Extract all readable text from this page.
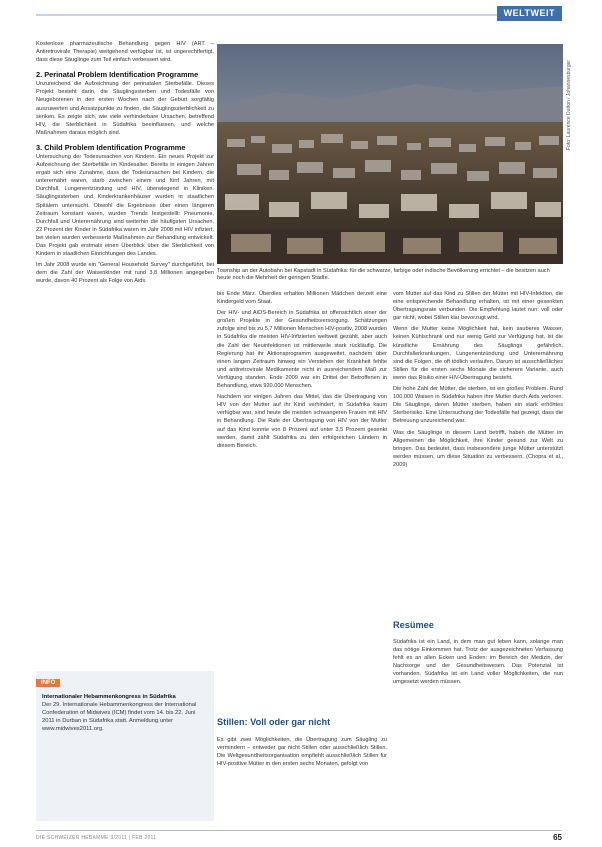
WELTWEIT
Foto: Laurence Dutton / Johannesburger
Township an der Autobahn bei Kapstadt in Südafrika: für die schwarze, farbige oder indische Bevölkerung errichtet – die besitzen auch heute noch die Mehrheit der geringen Städte.

Kostenlose pharmazeutische Behandlung gegen HIV (ART – Antiretrovirale Therapie) weitgehend verfügbar ist, ist ungerechtfertigt, dass diese Säuglinge zum Teil einfach verbessert wird.

2. Perinatal Problem Identification Programme

Unzureichend die Aufzeichnung der perinatalen Sterbefälle. Dieses Projekt besteht darin, die Säuglingssterben und Todesfälle von Neugeborenen in den ersten Wochen nach der Geburt sorgfältig auszuwerten und Ansatzpunkte zu finden, die Säuglingssterblichkeit zu senken. Es zeigte sich, wie viele verhinderbare Ursachen, betreffend HIV, die Sterblichkeit in Südafrika beeinflussen, und welche Maßnahmen daraus möglich sind.

3. Child Problem Identification Programme

Untersuchung der Todesursachen von Kindern. Ein neues Projekt zur Aufzeichnung der Sterbefälle im Kindesalter. Bereits in einigen Jahren ergab sich eine Zunahme, dass die Todesursachen bei Kindern, die unterernährt waren, starb zwischen einem und fünf Jahren, mit Durchfall, Lungenentzündung und HIV, überwiegend in Kliniken. Säuglingssterben und Kinderkrankenhäuser wurden in staatlichen Spitälern untersucht. Obwohl die Ergebnisse über einen längeren Zeitraum konstant waren, wurden Trends festgestellt: Pneumonie, Durchfall und Unterernährung sind weiterhin die häufigsten Ursachen. 22 Prozent der Kinder in Südafrika waren im Jahr 2008 mit HIV infiziert, bei vielen wurden verbesserte Maßnahmen zur Behandlung entwickelt. Das Projekt gab erstmals einen Überblick über die Sterblichkeit von Kindern in staatlichen Einrichtungen des Landes.

Im Jahr 2008 wurde ein "General Household Survey" durchgeführt, bei dem die Zahl der Waisenkinder mit rund 3,8 Millionen angegeben wurde, davon 40 Prozent als Folge von Aids.

INFO
Internationaler Hebammenkongress in Südafrika
Der 29. Internationale Hebammenkongress der International Confederation of Midwives (ICM) findet vom 14. bis 22. Juni 2011 in Durban in Südafrika statt. Anmeldung unter www.midwives2011.org.

bis Ende März. Überdies erhalten Millionen Mädchen derzeit eine Kindergeld vom Staat.

Der HIV- und AIDS-Bereich in Südafrika ist offensichtlich einer der großen Projekte in der Gesundheitsversorgung. Schätzungen zufolge sind bis zu 5,7 Millionen Menschen HIV-positiv, 2008 wurden in Südafrika die meisten HIV-Infizierten weltweit gezählt, aber auch die Zahl der Neuinfektionen ist mittlerweile stark rückläufig. Die Regierung hat ihr Aktionsprogramm ausgeweitet, nachdem über einen langen Zeitraum hinweg ein Verstehen der Krankheit fehlte und antiretrovirale Medikamente nicht in ausreichendem Maß zur Verfügung standen. Ende 2009 war ein Drittel der Betroffenen in Behandlung, etwa 920.000 Menschen.

Nachdem vor einigen Jahren das Mittel, das die Übertragung von HIV von der Mutter auf ihr Kind verhindert, in Südafrika kaum verfügbar war, sind heute die meisten schwangeren Frauen mit HIV in Behandlung. Die Rate der Übertragung von HIV von der Mutter auf das Kind konnte von 8 Prozent auf unter 3,5 Prozent gesenkt werden, damit zählt Südafrika zu den erfolgreichen Ländern in diesem Bereich.

Stillen: Voll oder gar nicht

Es gibt zwei Möglichkeiten, die Übertragung zum Säugling zu vermindern – entweder gar nicht Stillen oder ausschließlich Stillen. Die Weltgesundheitsorganisation empfiehlt ausschließlich Stillen für HIV-positive Mütter in den ersten sechs Monaten, gefolgt von

vom Mutter auf das Kind zu Stillen der Mütter mit HIV-Infektion, die eine entsprechende Behandlung erhalten, ist mit einer gesenkten Übertragungsrate verbunden. Die Empfehlung lautet nun: voll oder gar nicht, wobei Stillen klar bevorzugt wird.

Wenn die Mutter keine Möglichkeit hat, kein sauberes Wasser, keinen Kühlschrank und nur wenig Geld zur Verfügung hat, ist die künstliche Ernährung des Säuglings gefährlich. Durchfallerkrankungen, Lungenentzündung und Unterernährung sind die Folgen, die oft tödlich verlaufen. Darum ist ausschließliches Stillen für die ersten sechs Monate die sicherere Variante, auch wenn das Risiko einer HIV-Übertragung besteht.

Die hohe Zahl der Mütter, die sterben, ist ein großes Problem. Rund 100.000 Waisen in Südafrika haben ihre Mutter durch Aids verloren. Die Säuglinge, deren Mütter sterben, haben ein stark erhöhtes Sterberisiko. Eine Untersuchung der Todesfälle hat gezeigt, dass die Betreuung unzureichend war.

Was die Säuglinge in diesem Land betrifft, haben die Mütter im Allgemeinen die Möglichkeit, ihre Kinder gesund zur Welt zu bringen. Das bedeutet, dass insbesondere junge Mütter unterstützt werden müssen, um diese Situation zu verbessern. (Chopra et al., 2009)

Resümee

Südafrika ist ein Land, in dem man gut leben kann, solange man das nötige Einkommen hat. Trotz der ausgezeichneten Verfassung fehlt es an allen Ecken und Enden: im Bereich der Medizin, der Nachsorge und der Gesundheitswesen. Das Potenzial ist vorhanden, Südafrika ist ein Land voller Möglichkeiten, die nun umgesetzt werden müssen.

DIE SCHWEIZER HEBAMME 3/2011 | FEB 2011	65
